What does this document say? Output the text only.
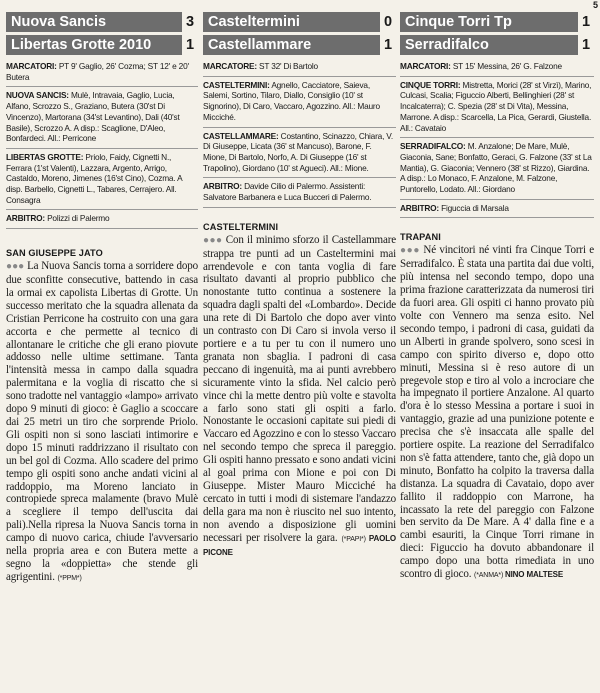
5
Nuova Sancis	3
Libertas Grotte 2010 1
MARCATORI: PT 9' Gaglio, 26' Cozma; ST 12' e 20' Butera
NUOVA SANCIS: Mulè, Intravaia, Gaglio, Lucia, Alfano, Scrozzo S., Graziano, Butera (30'st Di Vincenzo), Martorana (34'st Levantino), Dali (40'st Basile), Scrozzo A. A disp.: Scaglione, D'Aleo, Bonfardeci. All.: Perricone
LIBERTAS GROTTE: Priolo, Faidy, Cignetti N., Ferrara (1'st Valenti), Lazzara, Argento, Arrigo, Castaldo, Moreno, Jimenes (16'st Cino), Cozma. A disp. Barbello, Cignetti L., Tabares, Cerrajero. All. Consagra
ARBITRO: Polizzi di Palermo
SAN GIUSEPPE JATO
●●● La Nuova Sancis torna a sorridere dopo due sconfitte consecutive, battendo in casa la ormai ex capolista Libertas di Grotte. Un successo meritato che la squadra allenata da Cristian Perricone ha costruito con una gara accorta e che permette al tecnico di allontanare le critiche che gli erano piovute addosso nelle ultime settimane. Tanta l'intensità messa in campo dalla squadra palermitana e la voglia di riscatto che si sono tradotte nel vantaggio «lampo» arrivato dopo 9 minuti di gioco: è Gaglio a scoccare dai 25 metri un tiro che sorprende Priolo. Gli ospiti non si sono lasciati intimorire e dopo 15 minuti raddrizzano il risultato con un bel gol di Cozma. Allo scadere del primo tempo gli ospiti sono anche andati vicini al raddoppio, ma Moreno lanciato in contropiede spreca malamente (bravo Mulè a scegliere il tempo dell'uscita dai pali).Nella ripresa la Nuova Sancis torna in campo di nuovo carica, chiude l'avversario nella propria area e con Butera mette a segno la «doppietta» che stende gli agrigentini. (*PPM*)
Casteltermini	0
Castellammare	1
MARCATORE: ST 32' Di Bartolo
CASTELTERMINI: Agnello, Cacciatore, Saieva, Salemi, Sortino, Tilaro, Diallo, Consiglio (10' st Signorino), Di Caro, Vaccaro, Agozzino. All.: Mauro Micciché.
CASTELLAMMARE: Costantino, Scinazzo, Chiara, V. Di Giuseppe, Licata (36' st Mancuso), Barone, F. Mione, Di Bartolo, Norfo, A. Di Giuseppe (16' st Trapolino), Giordano (10' st Agueci). All.: Mione.
ARBITRO: Davide Cilio di Palermo. Assistenti: Salvatore Barbanera e Luca Bucceri di Palermo.
CASTELTERMINI
●●● Con il minimo sforzo il Castellammare strappa tre punti ad un Casteltermini mai arrendevole e con tanta voglia di fare risultato davanti al proprio pubblico che nonostante tutto continua a sostenere la squadra dagli spalti del «Lombardo». Decide una rete di Di Bartolo che dopo aver vinto un contrasto con Di Caro si invola verso il portiere e a tu per tu con il numero uno granata non sbaglia. I padroni di casa peccano di ingenuità, ma ai punti avrebbero sicuramente vinto la sfida. Nel calcio però vince chi la mette dentro più volte e stavolta a farlo sono stati gli ospiti a farlo. Nonostante le occasioni capitate sui piedi di Vaccaro ed Agozzino e con lo stesso Vaccaro nel secondo tempo che spreca il pareggio. Gli ospiti hanno pressato e sono andati vicini al goal prima con Mione e poi con Di Giuseppe. Mister Mauro Micciché ha cercato in tutti i modi di sistemare l'andazzo della gara ma non è riuscito nel suo intento, non avendo a disposizione gli uomini necessari per risolvere la gara. (*PAPI*) PAOLO PICONE
Cinque Torri Tp	1
Serradifalco	1
MARCATORI: ST 15' Messina, 26' G. Falzone
CINQUE TORRI: Mistretta, Morici (28' st Virzì), Marino, Culcasi, Scalia; Figuccio Alberti, Bellinghieri (28' st Incalcaterra); C. Spezia (28' st Di Vita), Messina, Marrone. A disp.: Scarcella, La Pica, Gerardi, Giustella. All.: Cavataio
SERRADIFALCO: M. Anzalone; De Mare, Mulè, Giaconia, Sane; Bonfatto, Geraci, G. Falzone (33' st La Mantia), G. Giaconia; Vennero (38' st Rizzo), Giardina. A disp.: Lo Monaco, F. Anzalone, M. Falzone, Puntorello, Lodato. All.: Giordano
ARBITRO: Figuccia di Marsala
TRAPANI
●●● Né vincitori né vinti fra Cinque Torri e Serradifalco. È stata una partita dai due volti, più intensa nel secondo tempo, dopo una prima frazione caratterizzata da numerosi tiri da fuori area. Gli ospiti ci hanno provato più volte con Vennero ma senza esito. Nel secondo tempo, i padroni di casa, guidati da un Alberti in grande spolvero, sono scesi in campo con spirito diverso e, dopo otto minuti, Messina si è reso autore di un pregevole stop e tiro al volo a incrociare che ha impegnato il portiere Anzalone. Al quarto d'ora è lo stesso Messina a portare i suoi in vantaggio, grazie ad una punizione potente e precisa che s'è insaccata alle spalle del portiere ospite. La reazione del Serradifalco non s'è fatta attendere, tanto che, già dopo un minuto, Bonfatto ha colpito la traversa dalla distanza. La squadra di Cavataio, dopo aver fallito il raddoppio con Marrone, ha incassato la rete del pareggio con Falzone ben servito da De Mare. A 4' dalla fine e a cambi esauriti, la Cinque Torri rimane in dieci: Figuccio ha dovuto abbandonare il campo dopo una botta rimediata in uno scontro di gioco. (*ANMA*) NINO MALTESE
